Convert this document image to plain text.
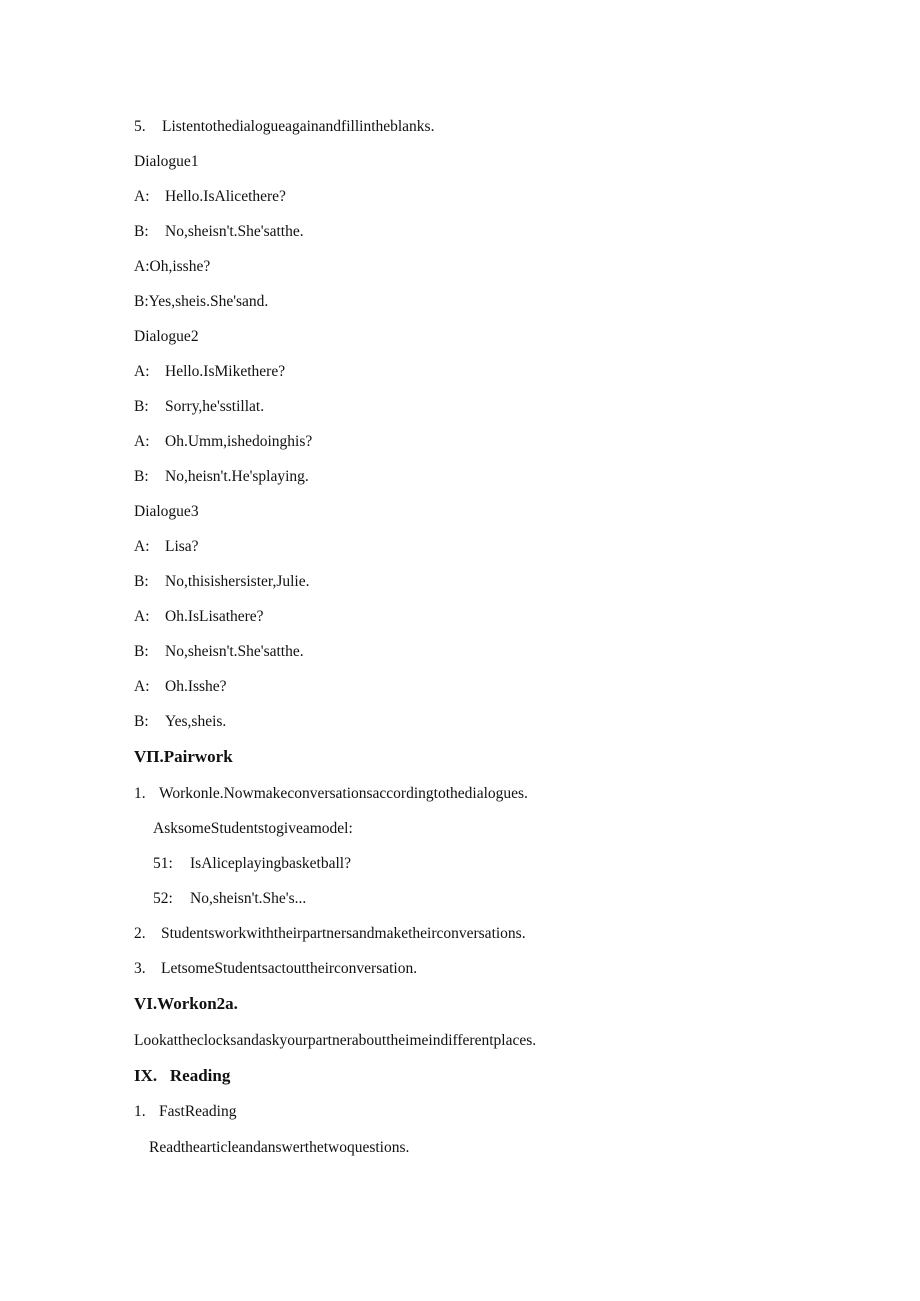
5. Listentothedialogueagainandfillintheblanks.
Dialogue1
A: Hello.IsAlicethere?
B: No,sheisn't.She'satthe.
A:Oh,isshe?
B:Yes,sheis.She'sand.
Dialogue2
A: Hello.IsMikethere?
B: Sorry,he'sstillat.
A: Oh.Umm,ishedoinghis?
B: No,heisn't.He'splaying.
Dialogue3
A: Lisa?
B: No,thisishersister,Julie.
A: Oh.IsLisathere?
B: No,sheisn't.She'satthe.
A: Oh.Isshe?
B: Yes,sheis.
VΠ.Pairwork
1. Workonle.Nowmakeconversationsaccordingtothedialogues.
AsksomeStudentstogiveamodel:
51: IsAliceplayingbasketball?
52: No,sheisn't.She's...
2. Studentsworkwiththeirpartnersandmaketheirconversations.
3. LetsomeStudentsactouttheirconversation.
VI.Workon2a.
Lookattheclocksandaskyourpartnerabouttheimeindifferentplaces.
IX.   Reading
1. FastReading
Readthearticleandanswerthetwoquestions.
